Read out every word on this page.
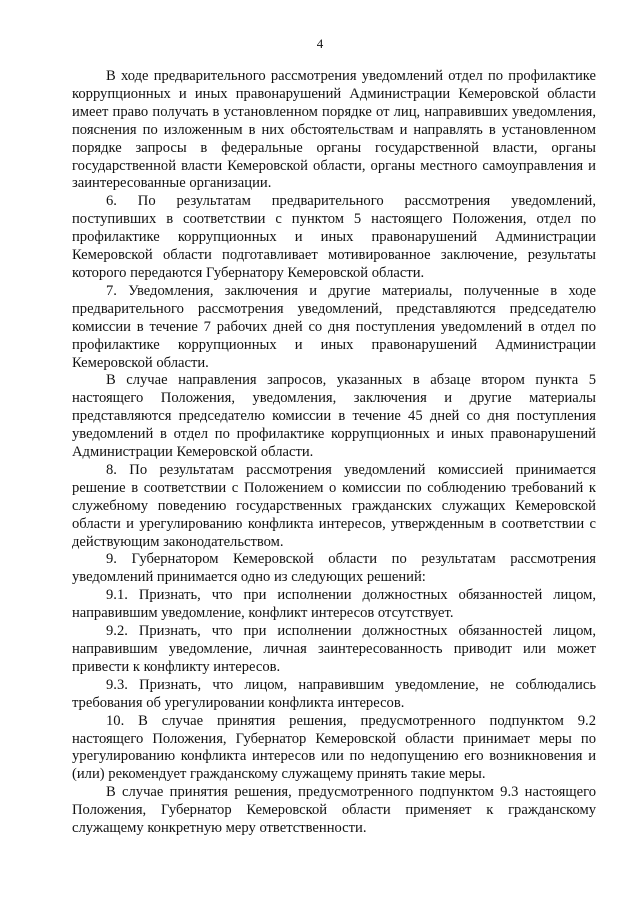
4

В ходе предварительного рассмотрения уведомлений отдел по профилактике коррупционных и иных правонарушений Администрации Кемеровской области имеет право получать в установленном порядке от лиц, направивших уведомления, пояснения по изложенным в них обстоятельствам и направлять в установленном порядке запросы в федеральные органы государственной власти, органы государственной власти Кемеровской области, органы местного самоуправления и заинтересованные организации.

6. По результатам предварительного рассмотрения уведомлений, поступивших в соответствии с пунктом 5 настоящего Положения, отдел по профилактике коррупционных и иных правонарушений Администрации Кемеровской области подготавливает мотивированное заключение, результаты которого передаются Губернатору Кемеровской области.

7. Уведомления, заключения и другие материалы, полученные в ходе предварительного рассмотрения уведомлений, представляются председателю комиссии в течение 7 рабочих дней со дня поступления уведомлений в отдел по профилактике коррупционных и иных правонарушений Администрации Кемеровской области.

В случае направления запросов, указанных в абзаце втором пункта 5 настоящего Положения, уведомления, заключения и другие материалы представляются председателю комиссии в течение 45 дней со дня поступления уведомлений в отдел по профилактике коррупционных и иных правонарушений Администрации Кемеровской области.

8. По результатам рассмотрения уведомлений комиссией принимается решение в соответствии с Положением о комиссии по соблюдению требований к служебному поведению государственных гражданских служащих Кемеровской области и урегулированию конфликта интересов, утвержденным в соответствии с действующим законодательством.

9. Губернатором Кемеровской области по результатам рассмотрения уведомлений принимается одно из следующих решений:

9.1. Признать, что при исполнении должностных обязанностей лицом, направившим уведомление, конфликт интересов отсутствует.

9.2. Признать, что при исполнении должностных обязанностей лицом, направившим уведомление, личная заинтересованность приводит или может привести к конфликту интересов.

9.3. Признать, что лицом, направившим уведомление, не соблюдались требования об урегулировании конфликта интересов.

10. В случае принятия решения, предусмотренного подпунктом 9.2 настоящего Положения, Губернатор Кемеровской области принимает меры по урегулированию конфликта интересов или по недопущению его возникновения и (или) рекомендует гражданскому служащему принять такие меры.

В случае принятия решения, предусмотренного подпунктом 9.3 настоящего Положения, Губернатор Кемеровской области применяет к гражданскому служащему конкретную меру ответственности.
